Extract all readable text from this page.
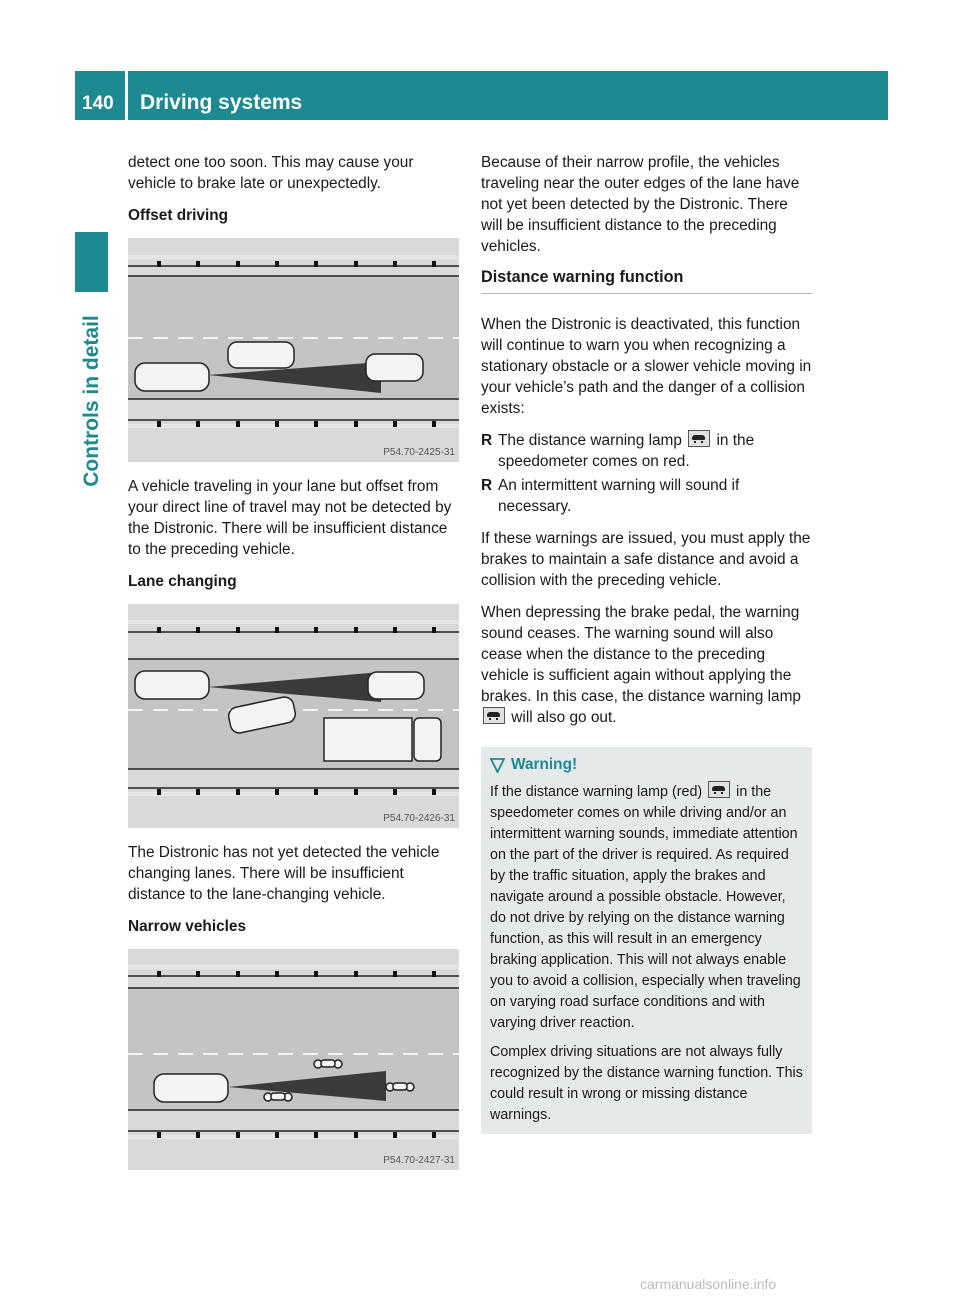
140	Driving systems
Controls in detail

detect one too soon. This may cause your vehicle to brake late or unexpectedly.

Offset driving

P54.70-2425-31

A vehicle traveling in your lane but offset from your direct line of travel may not be detected by the Distronic. There will be insufficient distance to the preceding vehicle.

Lane changing

P54.70-2426-31

The Distronic has not yet detected the vehicle changing lanes. There will be insufficient distance to the lane-changing vehicle.

Narrow vehicles

P54.70-2427-31

Because of their narrow profile, the vehicles traveling near the outer edges of the lane have not yet been detected by the Distronic. There will be insufficient distance to the preceding vehicles.

Distance warning function

When the Distronic is deactivated, this function will continue to warn you when recognizing a stationary obstacle or a slower vehicle moving in your vehicle’s path and the danger of a collision exists:

R The distance warning lamp in the speedometer comes on red.
R An intermittent warning will sound if necessary.

If these warnings are issued, you must apply the brakes to maintain a safe distance and avoid a collision with the preceding vehicle.

When depressing the brake pedal, the warning sound ceases. The warning sound will also cease when the distance to the preceding vehicle is sufficient again without applying the brakes. In this case, the distance warning lamp  will also go out.

Warning!

If the distance warning lamp (red) in the speedometer comes on while driving and/or an intermittent warning sounds, immediate attention on the part of the driver is required. As required by the traffic situation, apply the brakes and navigate around a possible obstacle. However, do not drive by relying on the distance warning function, as this will result in an emergency braking application. This will not always enable you to avoid a collision, especially when traveling on varying road surface conditions and with varying driver reaction.

Complex driving situations are not always fully recognized by the distance warning function. This could result in wrong or missing distance warnings.

carmanualsonline.info
